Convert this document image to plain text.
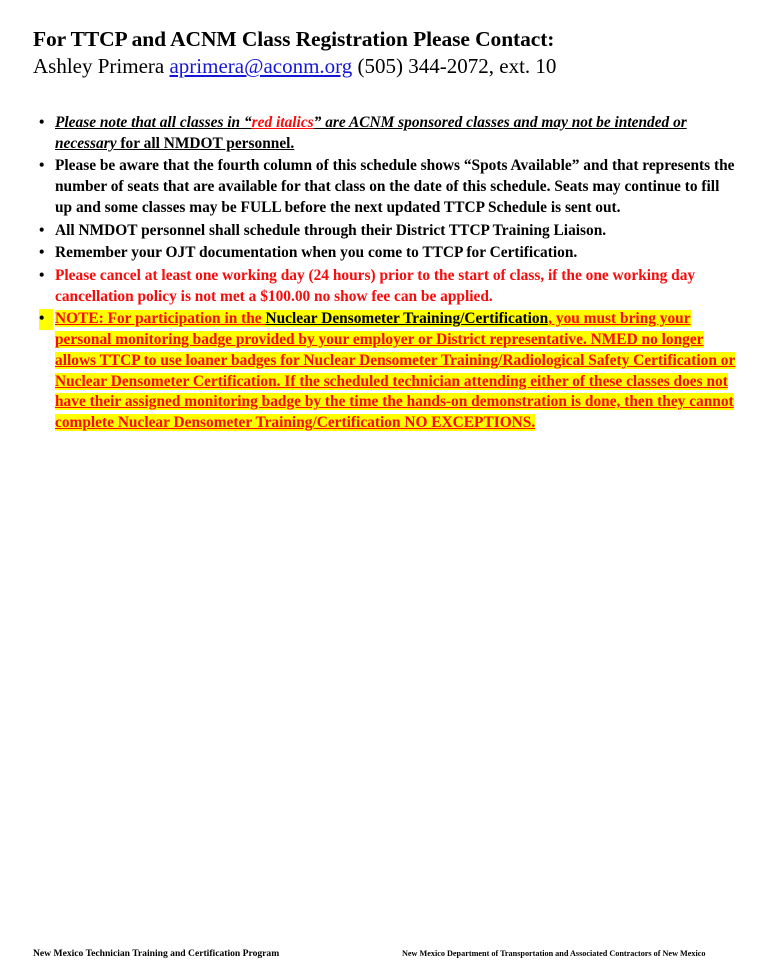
For TTCP and ACNM Class Registration Please Contact:
Ashley Primera aprimera@aconm.org (505) 344-2072, ext. 10
• Please note that all classes in “red italics” are ACNM sponsored classes and may not be intended or necessary for all NMDOT personnel.
• Please be aware that the fourth column of this schedule shows “Spots Available” and that represents the number of seats that are available for that class on the date of this schedule. Seats may continue to fill up and some classes may be FULL before the next updated TTCP Schedule is sent out.
• All NMDOT personnel shall schedule through their District TTCP Training Liaison.
• Remember your OJT documentation when you come to TTCP for Certification.
• Please cancel at least one working day (24 hours) prior to the start of class, if the one working day cancellation policy is not met a $100.00 no show fee can be applied.
• NOTE: For participation in the Nuclear Densometer Training/Certification, you must bring your personal monitoring badge provided by your employer or District representative. NMED no longer allows TTCP to use loaner badges for Nuclear Densometer Training/Radiological Safety Certification or Nuclear Densometer Certification. If the scheduled technician attending either of these classes does not have their assigned monitoring badge by the time the hands-on demonstration is done, then they cannot complete Nuclear Densometer Training/Certification NO EXCEPTIONS.
New Mexico Technician Training and Certification Program	New Mexico Department of Transportation and Associated Contractors of New Mexico
